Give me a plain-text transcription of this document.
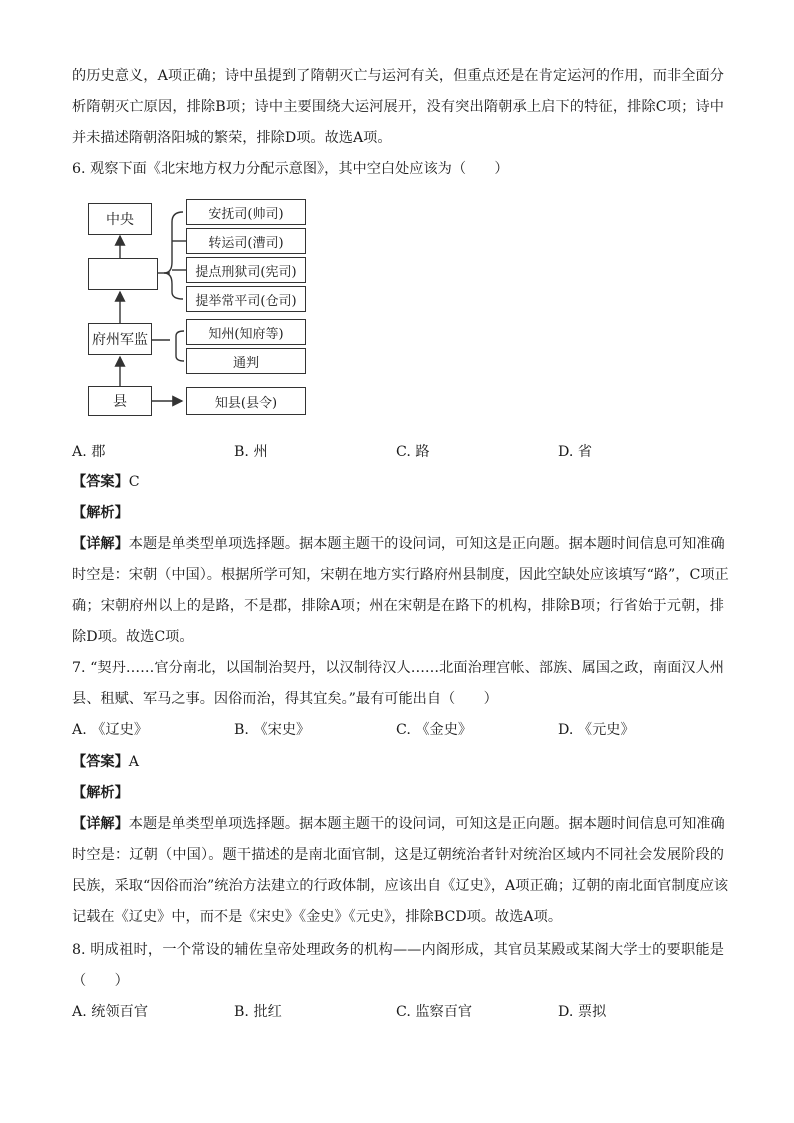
的历史意义，A项正确；诗中虽提到了隋朝灭亡与运河有关，但重点还是在肯定运河的作用，而非全面分
析隋朝灭亡原因，排除B项；诗中主要围绕大运河展开，没有突出隋朝承上启下的特征，排除C项；诗中
并未描述隋朝洛阳城的繁荣，排除D项。故选A项。
6. 观察下面《北宋地方权力分配示意图》，其中空白处应该为（　　）
中央
府州军监
县
安抚司(帅司)
转运司(漕司)
提点刑狱司(宪司)
提举常平司(仓司)
知州(知府等)
通判
知县(县令)
A. 郡	B. 州	C. 路	D. 省
【答案】C
【解析】
【详解】本题是单类型单项选择题。据本题主题干的设问词，可知这是正向题。据本题时间信息可知准确
时空是：宋朝（中国）。根据所学可知，宋朝在地方实行路府州县制度，因此空缺处应该填写“路”，C项正
确；宋朝府州以上的是路，不是郡，排除A项；州在宋朝是在路下的机构，排除B项；行省始于元朝，排
除D项。故选C项。
7. “契丹……官分南北，以国制治契丹，以汉制待汉人……北面治理宫帐、部族、属国之政，南面汉人州
县、租赋、军马之事。因俗而治，得其宜矣。”最有可能出自（　　）
A. 《辽史》	B. 《宋史》	C. 《金史》	D. 《元史》
【答案】A
【解析】
【详解】本题是单类型单项选择题。据本题主题干的设问词，可知这是正向题。据本题时间信息可知准确
时空是：辽朝（中国）。题干描述的是南北面官制，这是辽朝统治者针对统治区域内不同社会发展阶段的
民族，采取“因俗而治”统治方法建立的行政体制，应该出自《辽史》，A项正确；辽朝的南北面官制度应该
记载在《辽史》中，而不是《宋史》《金史》《元史》，排除BCD项。故选A项。
8. 明成祖时，一个常设的辅佐皇帝处理政务的机构——内阁形成，其官员某殿或某阁大学士的要职能是
（　　）
A. 统领百官	B. 批红	C. 监察百官	D. 票拟
